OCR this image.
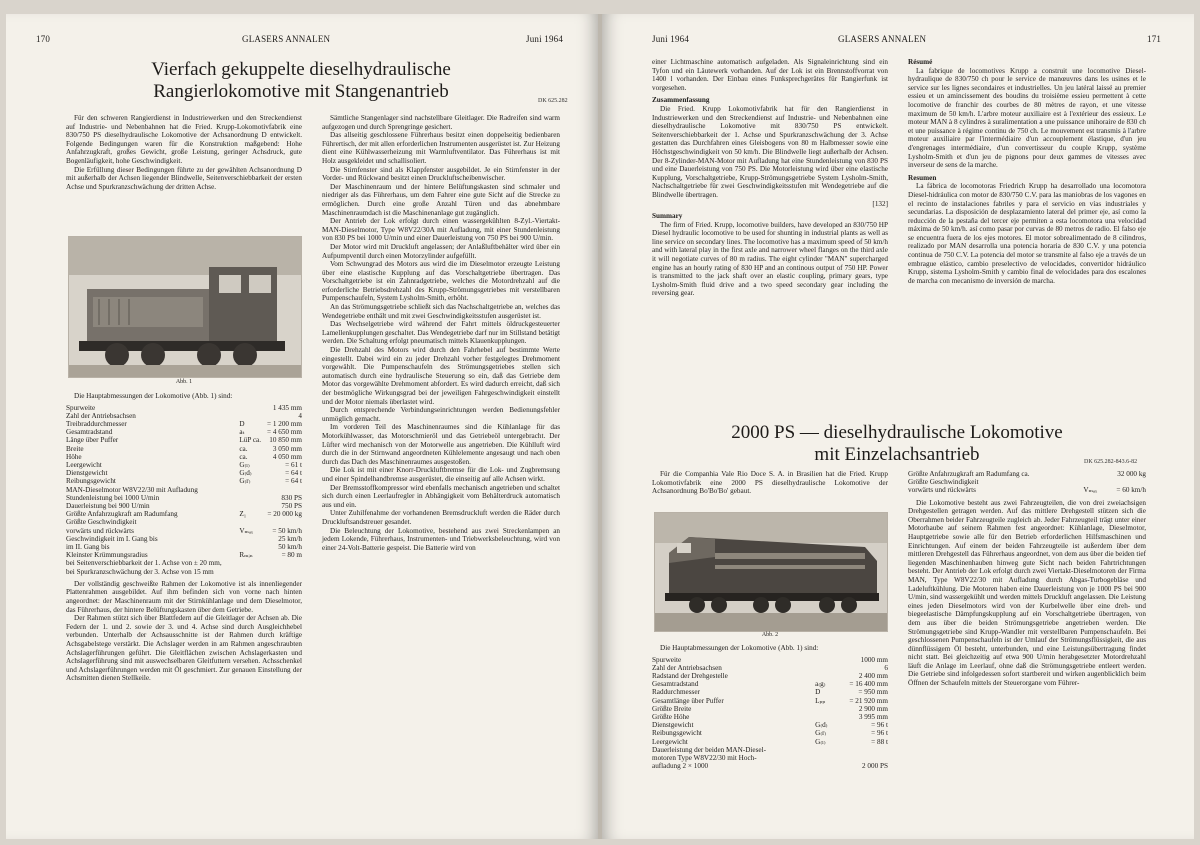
170	GLASERS ANNALEN	Juni 1964
Vierfach gekuppelte dieselhydraulische
Rangierlokomotive mit Stangenantrieb	DK 625.282

Für den schweren Rangierdienst in Industriewerken und den Streckendienst auf Industrie- und Nebenbahnen hat die Fried. Krupp-Lokomotivfabrik eine 830/750 PS dieselhydraulische Lokomotive der Achsanordnung D entwickelt. Folgende Bedingungen waren für die Konstruktion maßgebend: Hohe Anfahrzugkraft, großes Gewicht, große Leistung, geringer Achsdruck, gute Bogenläufigkeit, hohe Geschwindigkeit.

Die Erfüllung dieser Bedingungen führte zu der gewählten Achsanordnung D mit außerhalb der Achsen liegender Blindwelle, Seitenverschiebbarkeit der ersten Achse und Spurkranzschwächung der dritten Achse.

Abb. 1

Die Hauptabmessungen der Lokomotive (Abb. 1) sind:

Spurweite		1 435 mm
Zahl der Antriebsachsen		4
Treibraddurchmesser	D	= 1 200 mm
Gesamtradstand	aₜ	= 4 650 mm
Länge über Puffer	LüP ca.	10 850 mm
Breite	ca.	3 050 mm
Höhe	ca.	4 050 mm
Leergewicht	G₍ₗ₎	= 61 t
Dienstgewicht	G₍d₎	= 64 t
Reibungsgewicht	G₍r₎	= 64 t
MAN-Dieselmotor W8V22/30 mit Aufladung		
Stundenleistung bei 1000 U/min		830 PS
Dauerleistung bei 900 U/min		750 PS
Größte Anfahrzugkraft am Radumfang	Z₁	= 20 000 kg
Größte Geschwindigkeit		
vorwärts und rückwärts	Vₘₐₓ	= 50 km/h
Geschwindigkeit im I. Gang bis		25 km/h
im II. Gang bis		50 km/h
Kleinster Krümmungsradius	Rₘᵢₙ	= 80 m
bei Seitenverschiebbarkeit der 1. Achse von ± 20 mm,		
bei Spurkranzschwächung der 3. Achse von 15 mm		

Der vollständig geschweißte Rahmen der Lokomotive ist als innenliegender Plattenrahmen ausgebildet. Auf ihm befinden sich von vorne nach hinten angeordnet: der Maschinenraum mit der Stirnkühlanlage und dem Dieselmotor, das Führerhaus, der hintere Belüftungskasten über dem Getriebe.

Der Rahmen stützt sich über Blattfedern auf die Gleitlager der Achsen ab. Die Federn der 1. und 2. sowie der 3. und 4. Achse sind durch Ausgleichhebel verbunden. Unterhalb der Achsausschnitte ist der Rahmen durch kräftige Achsgabelstege verstärkt. Die Achslager werden in am Rahmen angeschraubten Achslagerführungen geführt. Die Gleitflächen zwischen Achslagerkasten und Achslagerführung sind mit auswechselbaren Gleitfuttern versehen. Achsschenkel und Achslagerführungen werden mit Öl geschmiert. Zur genauen Einstellung der Achsmitten dienen Stellkeile.

Sämtliche Stangenlager sind nachstellbare Gleitlager. Die Radreifen sind warm aufgezogen und durch Sprengringe gesichert.

Das allseitig geschlossene Führerhaus besitzt einen doppelseitig bedienbaren Führertisch, der mit allen erforderlichen Instrumenten ausgerüstet ist. Zur Heizung dient eine Kühlwasserheizung mit Warmluftventilator. Das Führerhaus ist mit Holz ausgekleidet und schallisoliert.

Die Stirnfenster sind als Klappfenster ausgebildet. Je ein Stirnfenster in der Vorder- und Rückwand besitzt einen Druckluftscheibenwischer.

Der Maschinenraum und der hintere Belüftungskasten sind schmaler und niedriger als das Führerhaus, um dem Fahrer eine gute Sicht auf die Strecke zu ermöglichen. Durch eine große Anzahl Türen und das abnehmbare Maschinenraumdach ist die Maschinenanlage gut zugänglich.

Der Antrieb der Lok erfolgt durch einen wassergekühlten 8-Zyl.-Viertakt-MAN-Dieselmotor, Type W8V22/30A mit Aufladung, mit einer Stundenleistung von 830 PS bei 1000 U/min und einer Dauerleistung von 750 PS bei 900 U/min.

Der Motor wird mit Druckluft angelassen; der Anlaßluftbehälter wird über ein Aufpumpventil durch einen Motorzylinder aufgefüllt.

Vom Schwungrad des Motors aus wird die im Dieselmotor erzeugte Leistung über eine elastische Kupplung auf das Vorschaltgetriebe übertragen. Das Vorschaltgetriebe ist ein Zahnradgetriebe, welches die Motordrehzahl auf die erforderliche Betriebsdrehzahl des Krupp-Strömungsgetriebes mit verstellbaren Pumpenschaufeln, System Lysholm-Smith, erhöht.

An das Strömungsgetriebe schließt sich das Nachschaltgetriebe an, welches das Wendegetriebe enthält und mit zwei Geschwindigkeitsstufen ausgerüstet ist.

Das Wechselgetriebe wird während der Fahrt mittels öldruckgesteuerter Lamellenkupplungen geschaltet. Das Wendegetriebe darf nur im Stillstand betätigt werden. Die Schaltung erfolgt pneumatisch mittels Klauenkupplungen.

Die Drehzahl des Motors wird durch den Fahrhebel auf bestimmte Werte eingestellt. Dabei wird ein zu jeder Drehzahl vorher festgelegtes Drehmoment vorgewählt. Die Pumpenschaufeln des Strömungsgetriebes stellen sich automatisch durch eine hydraulische Steuerung so ein, daß das Getriebe dem Motor das vorgewählte Drehmoment abfordert. Es wird dadurch erreicht, daß sich der bestmögliche Wirkungsgrad bei der jeweiligen Fahrgeschwindigkeit einstellt und der Motor niemals überlastet wird.

Durch entsprechende Verbindungseinrichtungen werden Bedienungsfehler unmöglich gemacht.

Im vorderen Teil des Maschinenraumes sind die Kühlanlage für das Motorkühlwasser, das Motorschmieröl und das Getriebeöl untergebracht. Der Lüfter wird mechanisch von der Motorwelle aus angetrieben. Die Kühlluft wird durch die in der Stirnwand angeordneten Kühlelemente angesaugt und nach oben durch das Dach des Maschinenraumes ausgestoßen.

Die Lok ist mit einer Knorr-Druckluftbremse für die Lok- und Zugbremsung und einer Spindelhandbremse ausgerüstet, die einseitig auf alle Achsen wirkt.

Der Bremsstoffkompressor wird ebenfalls mechanisch angetrieben und schaltet sich durch einen Leerlaufregler in Abhängigkeit vom Behälterdruck automatisch aus und ein.

Unter Zuhilfenahme der vorhandenen Bremsdruckluft werden die Räder durch Druckluftsandstreuer gesandet.

Die Beleuchtung der Lokomotive, bestehend aus zwei Streckenlampen an jedem Lokende, Führerhaus, Instrumenten- und Triebwerksbeleuchtung, wird von einer 24-Volt-Batterie gespeist. Die Batterie wird von

Juni 1964	GLASERS ANNALEN	171

einer Lichtmaschine automatisch aufgeladen. Als Signaleinrichtung sind ein Tyfon und ein Läutewerk vorhanden. Auf der Lok ist ein Brennstoffvorrat von 1400 l vorhanden. Der Einbau eines Funksprechgerätes für Rangierfunk ist vorgesehen.

Zusammenfassung

Die Fried. Krupp Lokomotivfabrik hat für den Rangierdienst in Industriewerken und den Streckendienst auf Industrie- und Nebenbahnen eine dieselhydraulische Lokomotive mit 830/750 PS entwickelt. Seitenverschiebbarkeit der 1. Achse und Spurkranzschwächung der 3. Achse gestatten das Durchfahren eines Gleisbogens von 80 m Halbmesser sowie eine Höchstgeschwindigkeit von 50 km/h. Die Blindwelle liegt außerhalb der Achsen. Der 8-Zylinder-MAN-Motor mit Aufladung hat eine Stundenleistung von 830 PS und eine Dauerleistung von 750 PS. Die Motorleistung wird über eine elastische Kupplung, Vorschaltgetriebe, Krupp-Strömungsgetriebe System Lysholm-Smith, Nachschaltgetriebe für zwei Geschwindigkeitsstufen mit Wendegetriebe auf die Blindwelle übertragen.

[132]

Summary

The firm of Fried. Krupp, locomotive builders, have developed an 830/750 HP Diesel hydraulic locomotive to be used for shunting in industrial plants as well as line service on secondary lines. The locomotive has a maximum speed of 50 km/h and with lateral play in the first axle and narrower wheel flanges on the third axle it will negotiate curves of 80 m radius. The eight cylinder "MAN" supercharged engine has an hourly rating of 830 HP and an continous output of 750 HP. Power is transmitted to the jack shaft over an elastic coupling, primary gears, type Lysholm-Smith fluid drive and a two speed secondary gear including the reversing gear.

Résumé

La fabrique de locomotives Krupp a construit une locomotive Diesel-hydraulique de 830/750 ch pour le service de manœuvres dans les usines et le service sur les lignes secondaires et industrielles. Un jeu latéral laissé au premier essieu et un amincissement des boudins du troisième essieu permettent à cette locomotive de franchir des courbes de 80 mètres de rayon, et une vitesse maximum de 50 km/h. L'arbre moteur auxiliaire est à l'extérieur des essieux. Le moteur MAN à 8 cylindres à suralimentation a une puissance unihoraire de 830 ch et une puissance à régime continu de 750 ch. Le mouvement est transmis à l'arbre moteur auxiliaire par l'intermédiaire d'un accouplement élastique, d'un jeu d'engrenages intermédiaire, d'un convertisseur du couple Krupp, système Lysholm-Smith et d'un jeu de pignons pour deux gammes de vitesses avec inverseur de sens de la marche.

Resumen

La fábrica de locomotoras Friedrich Krupp ha desarrollado una locomotora Diesel-hidráulica con motor de 830/750 C.V. para las maniobras de los vagones en el recinto de instalaciones fabriles y para el servicio en vías industriales y secundarias. La disposición de desplazamiento lateral del primer eje, así como la reducción de la pestaña del tercer eje permiten a esta locomotora una velocidad máxima de 50 km/h. así como pasar por curvas de 80 metros de radio. El falso eje se encuentra fuera de los ejes motores. El motor sobrealimentado de 8 cilindros, realizado por MAN desarrolla una potencia horaria de 830 C.V. y una potencia continua de 750 C.V. La potencia del motor se transmite al falso eje a través de un embrague elástico, cambio preselectivo de velocidades, convertidor hidráulico Krupp, sistema Lysholm-Smith y cambio final de velocidades para dos escalones de marcha con mecanismo de inversión de marcha.

2000 PS — dieselhydraulische Lokomotive
mit Einzelachsantrieb	DK 625.282-843.6-82

Für die Companhia Vale Rio Doce S. A. in Brasilien hat die Fried. Krupp Lokomotivfabrik eine 2000 PS dieselhydraulische Lokomotive der Achsanordnung Bo'Bo'Bo' gebaut.

Abb. 2

Die Hauptabmessungen der Lokomotive (Abb. 1) sind:

Spurweite		1000 mm
Zahl der Antriebsachsen		6
Radstand der Drehgestelle		2 400 mm
Gesamtradstand	a₍g₎	= 16 400 mm
Raddurchmesser	D	= 950 mm
Gesamtlänge über Puffer	Lₚₚ	= 21 920 mm
Größte Breite		2 900 mm
Größte Höhe		3 995 mm
Dienstgewicht	G₍d₎	= 96 t
Reibungsgewicht	G₍r₎	= 96 t
Leergewicht	G₍ₗ₎	= 88 t
Dauerleistung der beiden MAN-Diesel-		
motoren Type W8V22/30 mit Hoch-		
aufladung 2 × 1000		2 000 PS
Größte Anfahrzugkraft am Radumfang ca.		32 000 kg
Größte Geschwindigkeit		
vorwärts und rückwärts	Vₘₐₓ	= 60 km/h

Die Lokomotive besteht aus zwei Fahrzeugteilen, die von drei zweiachsigen Drehgestellen getragen werden. Auf das mittlere Drehgestell stützen sich die Oberrahmen beider Fahrzeugteile zugleich ab. Jeder Fahrzeugteil trägt unter einer Motorhaube auf seinem Rahmen fest angeordnet: Kühlanlage, Dieselmotor, Hauptgetriebe sowie alle für den Betrieb erforderlichen Hilfsmaschinen und Einrichtungen. Auf einem der beiden Fahrzeugteile ist außerdem über dem mittleren Drehgestell das Führerhaus angeordnet, von dem aus über die beiden tief liegenden Maschinenhauben hinweg gute Sicht nach beiden Fahrtrichtungen besteht. Der Antrieb der Lok erfolgt durch zwei Viertakt-Dieselmotoren der Firma MAN, Type W8V22/30 mit Aufladung durch Abgas-Turbogebläse und Ladeluftkühlung. Die Motoren haben eine Dauerleistung von je 1000 PS bei 900 U/min, sind wassergekühlt und werden mittels Druckluft angelassen. Die Leistung eines jeden Dieselmotors wird von der Kurbelwelle über eine dreh- und biegeelastische Dämpfungskupplung auf ein Vorschaltgetriebe übertragen, von dem aus über die beiden Strömungsgetriebe angetrieben werden. Die Strömungsgetriebe sind Krupp-Wandler mit verstellbaren Pumpenschaufeln. Bei geschlossenen Pumpenschaufeln ist der Umlauf der Strömungsflüssigkeit, die aus dünnflüssigem Öl besteht, unterbunden, und eine Leistungsübertragung findet nicht statt. Bei gleichzeitig auf etwa 900 U/min herabgesetzter Motordrehzahl läuft die Anlage im Leerlauf, ohne daß die Strömungsgetriebe entleert werden. Die Getriebe sind infolgedessen sofort startbereit und wirken augenblicklich beim Öffnen der Schaufeln mittels der Steuerorgane vom Führer-
